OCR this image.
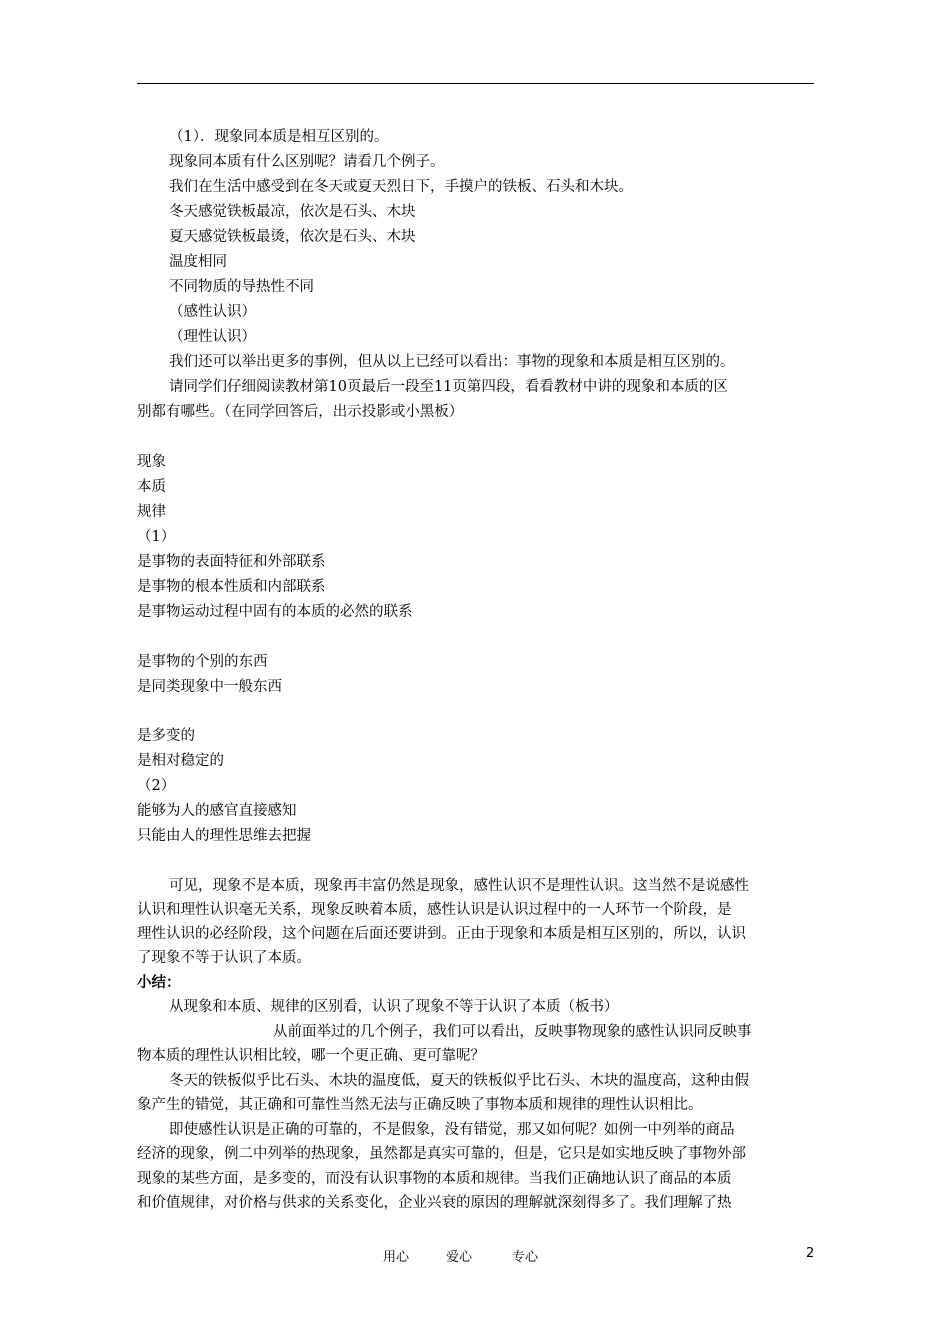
（1）．现象同本质是相互区别的。
现象同本质有什么区别呢？请看几个例子。
我们在生活中感受到在冬天或夏天烈日下，手摸户的铁板、石头和木块。
冬天感觉铁板最凉，依次是石头、木块
夏天感觉铁板最烫，依次是石头、木块
温度相同
不同物质的导热性不同
（感性认识）
（理性认识）
我们还可以举出更多的事例，但从以上已经可以看出：事物的现象和本质是相互区别的。
请同学们仔细阅读教材第10页最后一段至11页第四段，看看教材中讲的现象和本质的区
别都有哪些。（在同学回答后，出示投影或小黑板）
现象
本质
规律
（1）
是事物的表面特征和外部联系
是事物的根本性质和内部联系
是事物运动过程中固有的本质的必然的联系
是事物的个别的东西
是同类现象中一般东西
是多变的
是相对稳定的
（2）
能够为人的感官直接感知
只能由人的理性思维去把握
可见，现象不是本质，现象再丰富仍然是现象，感性认识不是理性认识。这当然不是说感性
认识和理性认识毫无关系，现象反映着本质，感性认识是认识过程中的一人环节一个阶段，是
理性认识的必经阶段，这个问题在后面还要讲到。正由于现象和本质是相互区别的，所以，认识
了现象不等于认识了本质。
小结：
从现象和本质、规律的区别看，认识了现象不等于认识了本质（板书）
从前面举过的几个例子，我们可以看出，反映事物现象的感性认识同反映事
物本质的理性认识相比较，哪一个更正确、更可靠呢？
冬天的铁板似乎比石头、木块的温度低，夏天的铁板似乎比石头、木块的温度高，这种由假
象产生的错觉，其正确和可靠性当然无法与正确反映了事物本质和规律的理性认识相比。
即使感性认识是正确的可靠的，不是假象，没有错觉，那又如何呢？如例一中列举的商品
经济的现象，例二中列举的热现象，虽然都是真实可靠的，但是，它只是如实地反映了事物外部
现象的某些方面，是多变的，而没有认识事物的本质和规律。当我们正确地认识了商品的本质
和价值规律，对价格与供求的关系变化，企业兴衰的原因的理解就深刻得多了。我们理解了热
用心	爱心	专心	2
